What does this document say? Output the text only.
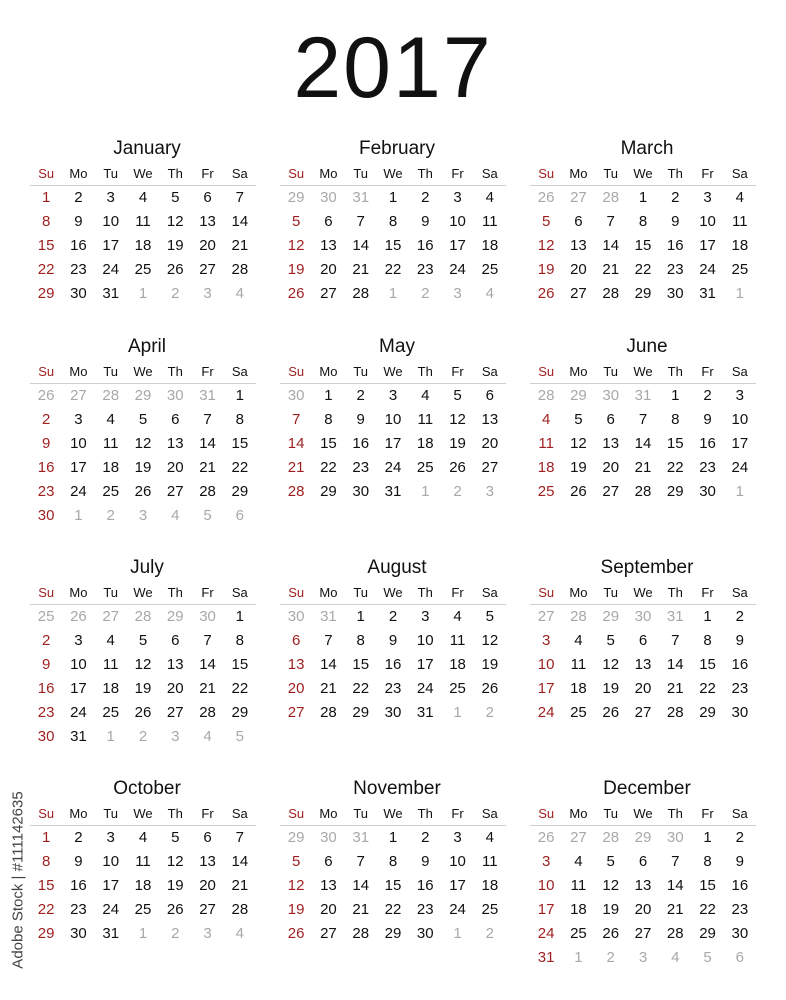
2017
January
Su	Mo	Tu	We	Th	Fr	Sa
1	2	3	4	5	6	7
8	9	10	11	12	13	14
15	16	17	18	19	20	21
22	23	24	25	26	27	28
29	30	31	1	2	3	4
February
Su	Mo	Tu	We	Th	Fr	Sa
29	30	31	1	2	3	4
5	6	7	8	9	10	11
12	13	14	15	16	17	18
19	20	21	22	23	24	25
26	27	28	1	2	3	4
March
Su	Mo	Tu	We	Th	Fr	Sa
26	27	28	1	2	3	4
5	6	7	8	9	10	11
12	13	14	15	16	17	18
19	20	21	22	23	24	25
26	27	28	29	30	31	1
April
Su	Mo	Tu	We	Th	Fr	Sa
26	27	28	29	30	31	1
2	3	4	5	6	7	8
9	10	11	12	13	14	15
16	17	18	19	20	21	22
23	24	25	26	27	28	29
30	1	2	3	4	5	6
May
Su	Mo	Tu	We	Th	Fr	Sa
30	1	2	3	4	5	6
7	8	9	10	11	12	13
14	15	16	17	18	19	20
21	22	23	24	25	26	27
28	29	30	31	1	2	3
June
Su	Mo	Tu	We	Th	Fr	Sa
28	29	30	31	1	2	3
4	5	6	7	8	9	10
11	12	13	14	15	16	17
18	19	20	21	22	23	24
25	26	27	28	29	30	1
July
Su	Mo	Tu	We	Th	Fr	Sa
25	26	27	28	29	30	1
2	3	4	5	6	7	8
9	10	11	12	13	14	15
16	17	18	19	20	21	22
23	24	25	26	27	28	29
30	31	1	2	3	4	5
August
Su	Mo	Tu	We	Th	Fr	Sa
30	31	1	2	3	4	5
6	7	8	9	10	11	12
13	14	15	16	17	18	19
20	21	22	23	24	25	26
27	28	29	30	31	1	2
September
Su	Mo	Tu	We	Th	Fr	Sa
27	28	29	30	31	1	2
3	4	5	6	7	8	9
10	11	12	13	14	15	16
17	18	19	20	21	22	23
24	25	26	27	28	29	30
October
Su	Mo	Tu	We	Th	Fr	Sa
1	2	3	4	5	6	7
8	9	10	11	12	13	14
15	16	17	18	19	20	21
22	23	24	25	26	27	28
29	30	31	1	2	3	4
November
Su	Mo	Tu	We	Th	Fr	Sa
29	30	31	1	2	3	4
5	6	7	8	9	10	11
12	13	14	15	16	17	18
19	20	21	22	23	24	25
26	27	28	29	30	1	2
December
Su	Mo	Tu	We	Th	Fr	Sa
26	27	28	29	30	1	2
3	4	5	6	7	8	9
10	11	12	13	14	15	16
17	18	19	20	21	22	23
24	25	26	27	28	29	30
31	1	2	3	4	5	6
Adobe Stock | #111142635
